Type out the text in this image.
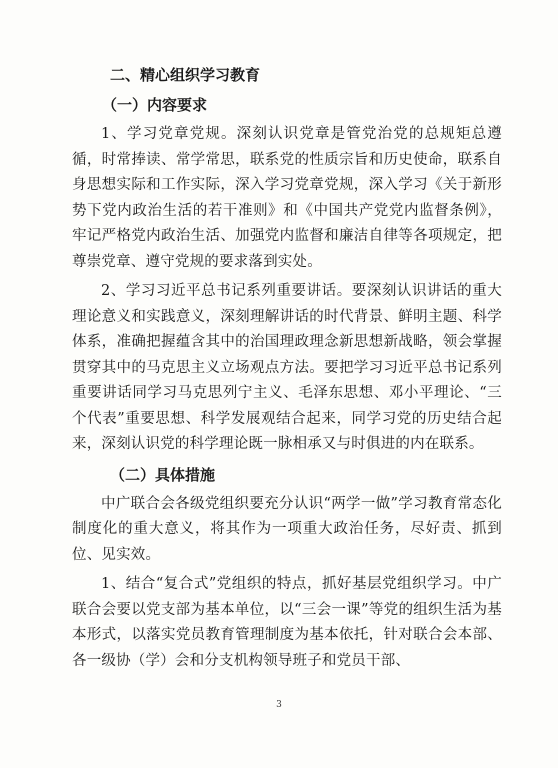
二、精心组织学习教育

（一）内容要求

1、学习党章党规。深刻认识党章是管党治党的总规矩总遵循，时常捧读、常学常思，联系党的性质宗旨和历史使命，联系自身思想实际和工作实际，深入学习党章党规，深入学习《关于新形势下党内政治生活的若干准则》和《中国共产党党内监督条例》，牢记严格党内政治生活、加强党内监督和廉洁自律等各项规定，把尊崇党章、遵守党规的要求落到实处。

2、学习习近平总书记系列重要讲话。要深刻认识讲话的重大理论意义和实践意义，深刻理解讲话的时代背景、鲜明主题、科学体系，准确把握蕴含其中的治国理政理念新思想新战略，领会掌握贯穿其中的马克思主义立场观点方法。要把学习习近平总书记系列重要讲话同学习马克思列宁主义、毛泽东思想、邓小平理论、“三个代表”重要思想、科学发展观结合起来，同学习党的历史结合起来，深刻认识党的科学理论既一脉相承又与时俱进的内在联系。

（二）具体措施

中广联合会各级党组织要充分认识“两学一做”学习教育常态化制度化的重大意义，将其作为一项重大政治任务，尽好责、抓到位、见实效。

1、结合“复合式”党组织的特点，抓好基层党组织学习。中广联合会要以党支部为基本单位，以“三会一课”等党的组织生活为基本形式，以落实党员教育管理制度为基本依托，针对联合会本部、各一级协（学）会和分支机构领导班子和党员干部、

3
